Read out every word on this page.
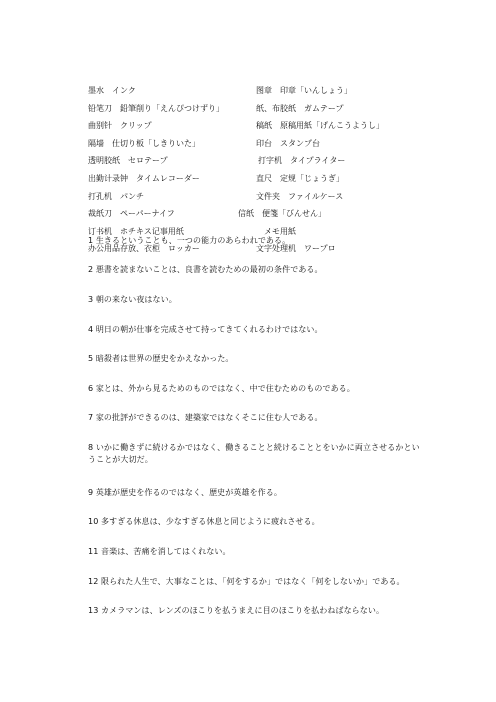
墨水　インク	图章　印章「いんしょう」
铅笔刀　鉛筆削り「えんぴつけずり」	纸、布胶纸　ガムテープ
曲别针　クリップ	稿纸　原稿用紙「げんこうようし」
隔墙　仕切り板「しきりいた」	印台　スタンプ台
透明胶纸　セロテープ	打字机　タイプライター
出勤计录钟　タイムレコーダー	直尺　定规「じょうぎ」
打孔机　パンチ	文件夹　ファイルケース
裁纸刀　ペーパーナイフ	信纸　便箋「びんせん」
订书机　ホチキス记事用纸	メモ用紙
办公用品存放、衣柜　ロッカー	文字处理机　ワープロ
1 生きるということも、一つの能力のあらわれである。
2 悪書を読まないことは、良書を読むための最初の条件である。
3 朝の来ない夜はない。
4 明日の朝が仕事を完成させて持ってきてくれるわけではない。
5 暗殺者は世界の歴史をかえなかった。
6 家とは、外から見るためのものではなく、中で住むためのものである。
7 家の批評ができるのは、建築家ではなくそこに住む人である。
8 いかに働きずに続けるかではなく、働きることと続けることとをいかに両立させるかということが大切だ。
9 英雄が歴史を作るのではなく、歴史が英雄を作る。
10 多すぎる休息は、少なすぎる休息と同じように疲れさせる。
11 音楽は、苦痛を消してはくれない。
12 限られた人生で、大事なことは、「何をするか」ではなく「何をしないか」である。
13 カメラマンは、レンズのほこりを払うまえに目のほこりを払わねばならない。
